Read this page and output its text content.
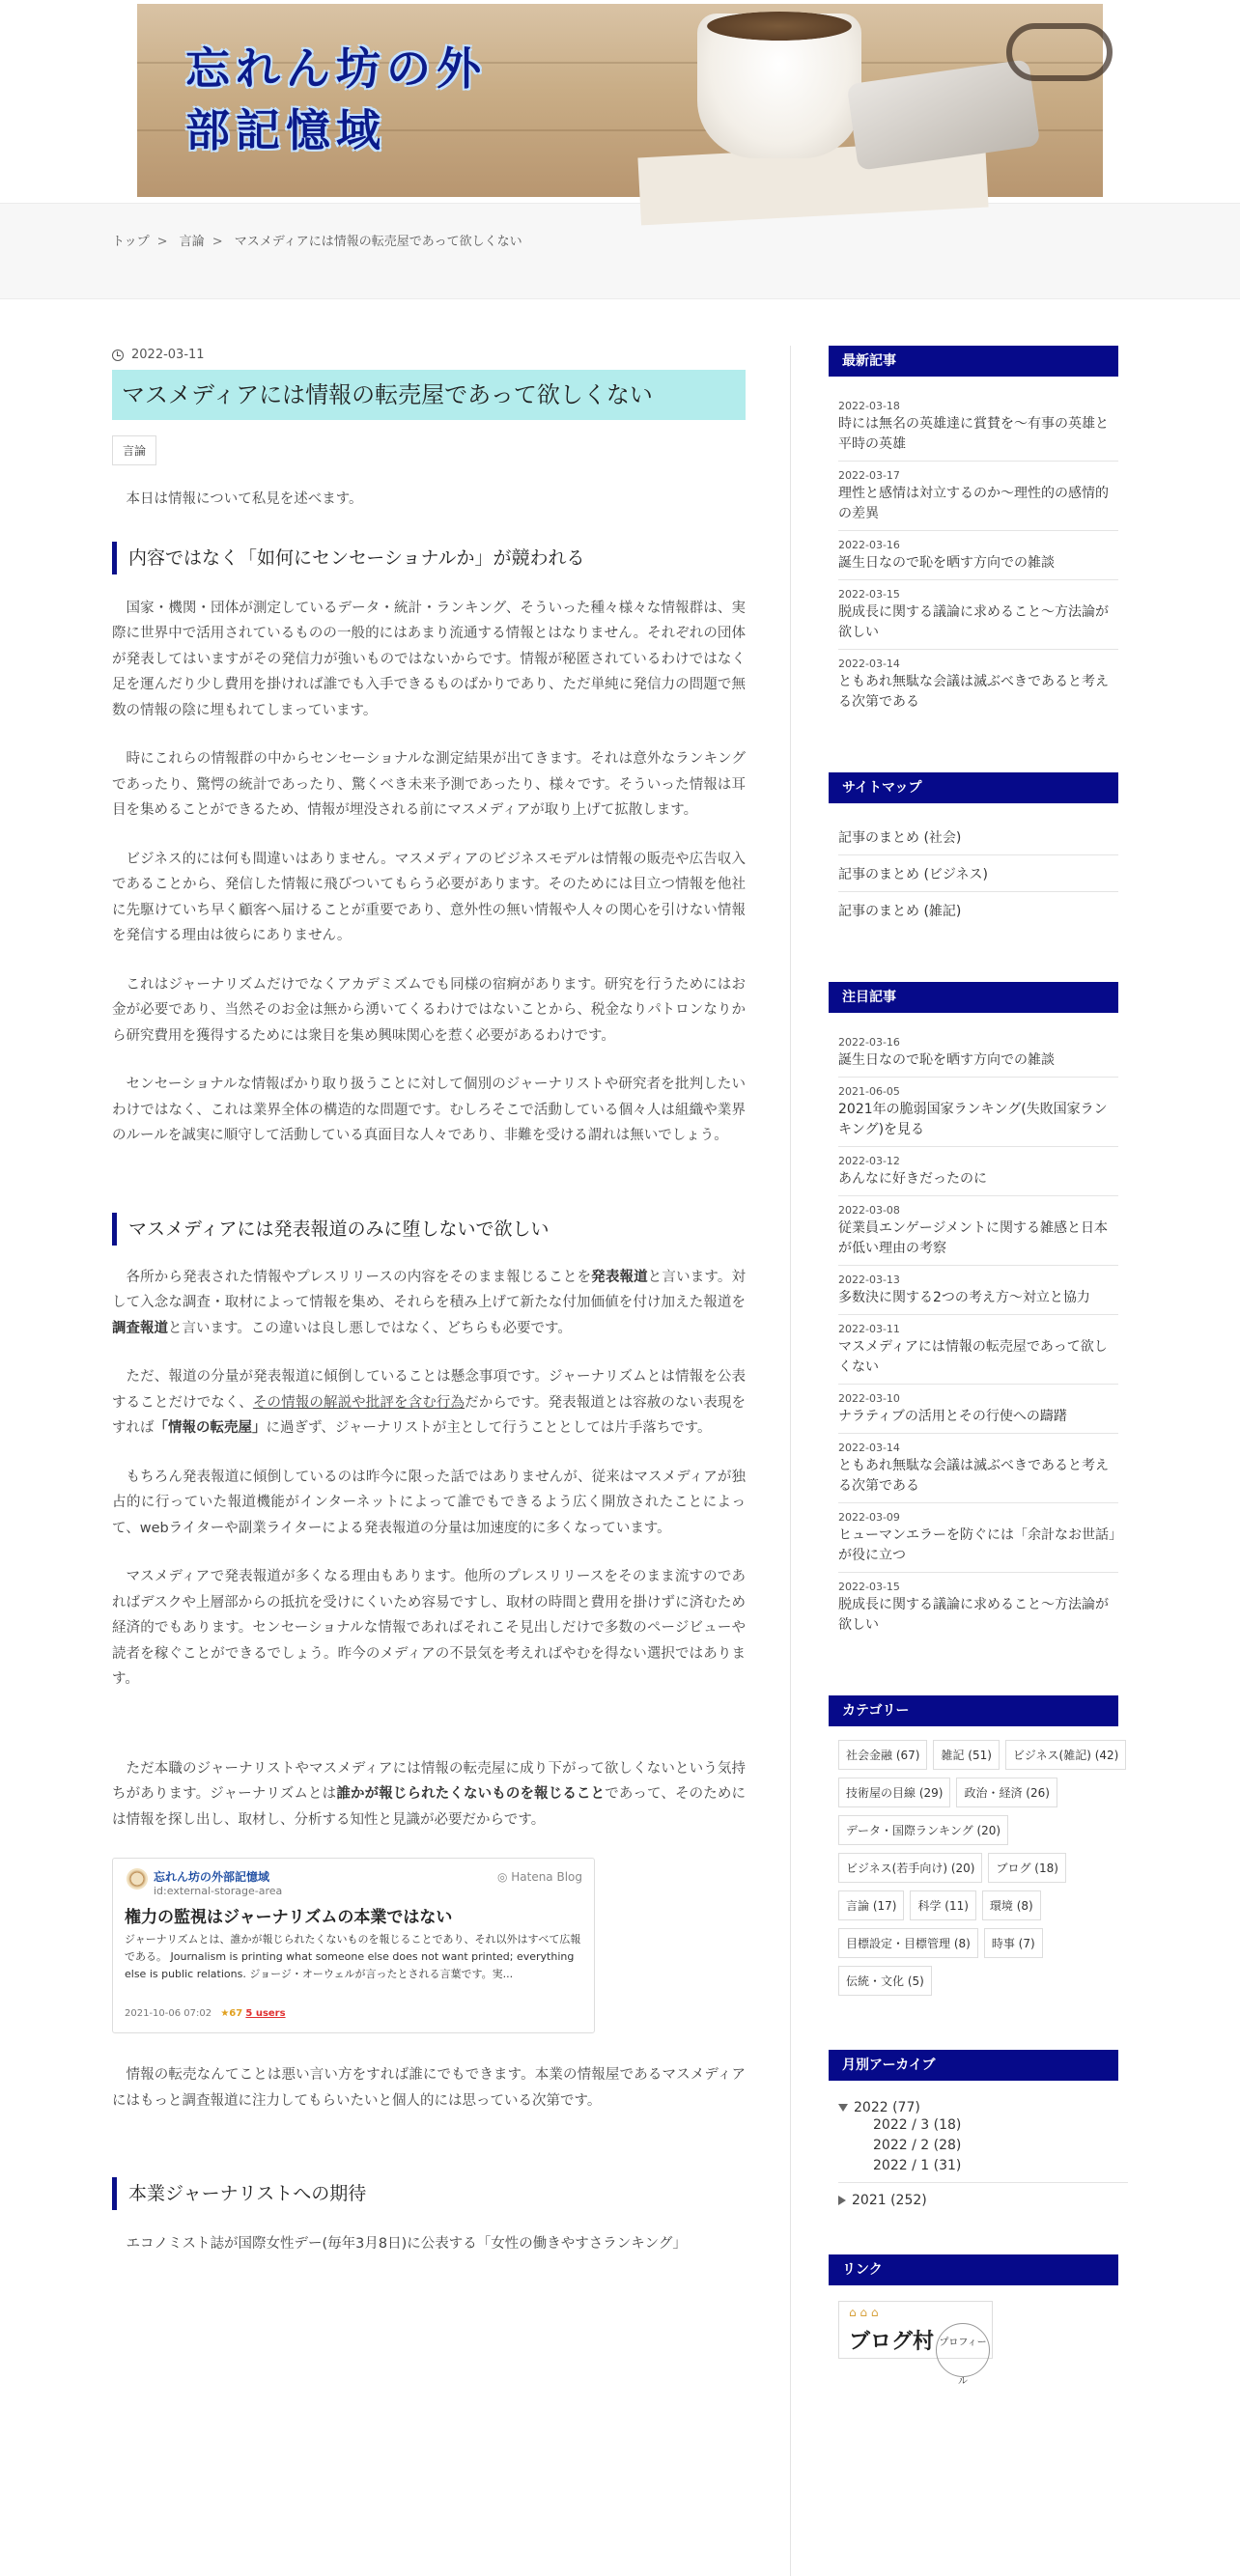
忘れん坊の外部記憶域
トップ > 言論 > マスメディアには情報の転売屋であって欲しくない
2022-03-11
マスメディアには情報の転売屋であって欲しくない
言論

本日は情報について私見を述べます。

内容ではなく「如何にセンセーショナルか」が競われる

国家・機関・団体が測定しているデータ・統計・ランキング、そういった種々様々な情報群は、実際に世界中で活用されているものの一般的にはあまり流通する情報とはなりません。それぞれの団体が発表してはいますがその発信力が強いものではないからです。情報が秘匿されているわけではなく足を運んだり少し費用を掛ければ誰でも入手できるものばかりであり、ただ単純に発信力の問題で無数の情報の陰に埋もれてしまっています。

時にこれらの情報群の中からセンセーショナルな測定結果が出てきます。それは意外なランキングであったり、驚愕の統計であったり、驚くべき未来予測であったり、様々です。そういった情報は耳目を集めることができるため、情報が埋没される前にマスメディアが取り上げて拡散します。

ビジネス的には何も間違いはありません。マスメディアのビジネスモデルは情報の販売や広告収入であることから、発信した情報に飛びついてもらう必要があります。そのためには目立つ情報を他社に先駆けていち早く顧客へ届けることが重要であり、意外性の無い情報や人々の関心を引けない情報を発信する理由は彼らにありません。

これはジャーナリズムだけでなくアカデミズムでも同様の宿痾があります。研究を行うためにはお金が必要であり、当然そのお金は無から湧いてくるわけではないことから、税金なりパトロンなりから研究費用を獲得するためには衆目を集め興味関心を惹く必要があるわけです。

センセーショナルな情報ばかり取り扱うことに対して個別のジャーナリストや研究者を批判したいわけではなく、これは業界全体の構造的な問題です。むしろそこで活動している個々人は組織や業界のルールを誠実に順守して活動している真面目な人々であり、非難を受ける謂れは無いでしょう。

マスメディアには発表報道のみに堕しないで欲しい

各所から発表された情報やプレスリリースの内容をそのまま報じることを発表報道と言います。対して入念な調査・取材によって情報を集め、それらを積み上げて新たな付加価値を付け加えた報道を調査報道と言います。この違いは良し悪しではなく、どちらも必要です。

ただ、報道の分量が発表報道に傾倒していることは懸念事項です。ジャーナリズムとは情報を公表することだけでなく、その情報の解説や批評を含む行為だからです。発表報道とは容赦のない表現をすれば「情報の転売屋」に過ぎず、ジャーナリストが主として行うこととしては片手落ちです。

もちろん発表報道に傾倒しているのは昨今に限った話ではありませんが、従来はマスメディアが独占的に行っていた報道機能がインターネットによって誰でもできるよう広く開放されたことによって、webライターや副業ライターによる発表報道の分量は加速度的に多くなっています。

マスメディアで発表報道が多くなる理由もあります。他所のプレスリリースをそのまま流すのであればデスクや上層部からの抵抗を受けにくいため容易ですし、取材の時間と費用を掛けずに済むため経済的でもあります。センセーショナルな情報であればそれこそ見出しだけで多数のページビューや読者を稼ぐことができるでしょう。昨今のメディアの不景気を考えればやむを得ない選択ではあります。

ただ本職のジャーナリストやマスメディアには情報の転売屋に成り下がって欲しくないという気持ちがあります。ジャーナリズムとは誰かが報じられたくないものを報じることであって、そのためには情報を探し出し、取材し、分析する知性と見識が必要だからです。

忘れん坊の外部記憶域
id:external-storage-area
◎ Hatena Blog
権力の監視はジャーナリズムの本業ではない
ジャーナリズムとは、誰かが報じられたくないものを報じることであり、それ以外はすべて広報である。 Journalism is printing what someone else does not want printed; everything else is public relations. ジョージ・オーウェルが言ったとされる言葉です。実...
2021-10-06 07:02 ★67 5 users

情報の転売なんてことは悪い言い方をすれば誰にでもできます。本業の情報屋であるマスメディアにはもっと調査報道に注力してもらいたいと個人的には思っている次第です。

本業ジャーナリストへの期待

エコノミスト誌が国際女性デー(毎年3月8日)に公表する「女性の働きやすさランキング」

最新記事
2022-03-18
時には無名の英雄達に賞賛を～有事の英雄と平時の英雄
2022-03-17
理性と感情は対立するのか～理性的の感情的の差異
2022-03-16
誕生日なので恥を晒す方向での雑談
2022-03-15
脱成長に関する議論に求めること～方法論が欲しい
2022-03-14
ともあれ無駄な会議は滅ぶべきであると考える次第である
サイトマップ
記事のまとめ (社会)
記事のまとめ (ビジネス)
記事のまとめ (雑記)
注目記事
2022-03-16
誕生日なので恥を晒す方向での雑談
2021-06-05
2021年の脆弱国家ランキング(失敗国家ランキング)を見る
2022-03-12
あんなに好きだったのに
2022-03-08
従業員エンゲージメントに関する雑感と日本が低い理由の考察
2022-03-13
多数決に関する2つの考え方～対立と協力
2022-03-11
マスメディアには情報の転売屋であって欲しくない
2022-03-10
ナラティブの活用とその行使への躊躇
2022-03-14
ともあれ無駄な会議は滅ぶべきであると考える次第である
2022-03-09
ヒューマンエラーを防ぐには「余計なお世話」が役に立つ
2022-03-15
脱成長に関する議論に求めること～方法論が欲しい
カテゴリー
社会金融 (67)	雑記 (51)	ビジネス(雑記) (42)
技術屋の目線 (29)	政治・経済 (26)
データ・国際ランキング (20)
ビジネス(若手向け) (20)	ブログ (18)
言論 (17)	科学 (11)	環境 (8)
目標設定・目標管理 (8)	時事 (7)
伝統・文化 (5)
月別アーカイブ
2022 (77)
2022 / 3 (18)
2022 / 2 (28)
2022 / 1 (31)
2021 (252)
リンク
⌂ ⌂ ⌂
ブログ村 プロフィール
